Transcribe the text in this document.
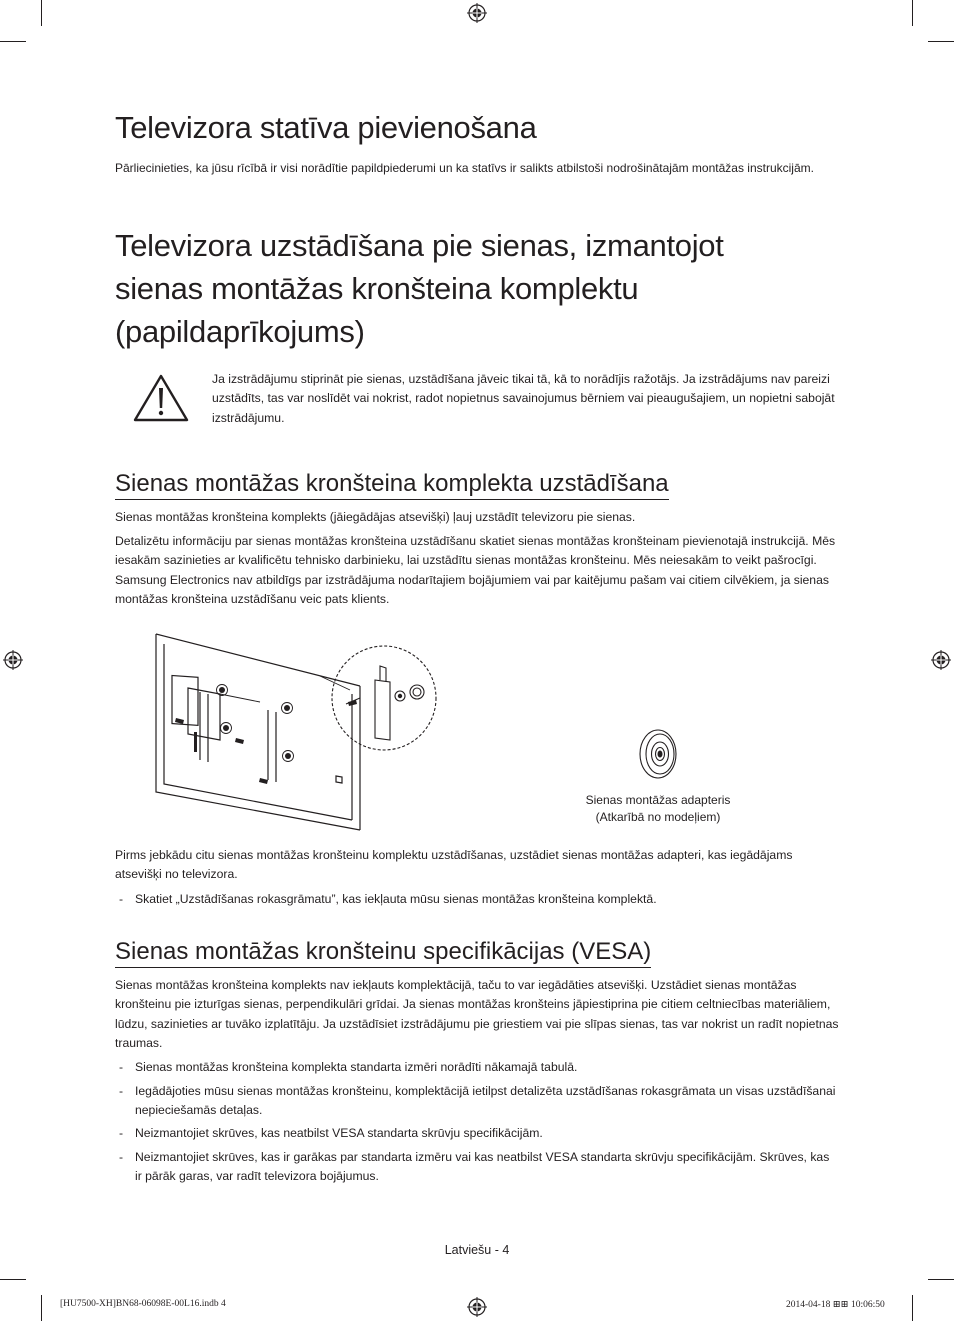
Televizora statīva pievienošana

Pārliecinieties, ka jūsu rīcībā ir visi norādītie papildpiederumi un ka statīvs ir salikts atbilstoši nodrošinātajām montāžas instrukcijām.

Televizora uzstādīšana pie sienas, izmantojot
sienas montāžas kronšteina komplektu
(papildaprīkojums)

Ja izstrādājumu stiprināt pie sienas, uzstādīšana jāveic tikai tā, kā to norādījis ražotājs. Ja izstrādājums nav pareizi uzstādīts, tas var noslīdēt vai nokrist, radot nopietnus savainojumus bērniem vai pieaugušajiem, un nopietni sabojāt izstrādājumu.

Sienas montāžas kronšteina komplekta uzstādīšana

Sienas montāžas kronšteina komplekts (jāiegādājas atsevišķi) ļauj uzstādīt televizoru pie sienas.

Detalizētu informāciju par sienas montāžas kronšteina uzstādīšanu skatiet sienas montāžas kronšteinam pievienotajā instrukcijā. Mēs iesakām sazinieties ar kvalificētu tehnisko darbinieku, lai uzstādītu sienas montāžas kronšteinu. Mēs neiesakām to veikt pašrocīgi. Samsung Electronics nav atbildīgs par izstrādājuma nodarītajiem bojājumiem vai par kaitējumu pašam vai citiem cilvēkiem, ja sienas montāžas kronšteina uzstādīšanu veic pats klients.

Sienas montāžas adapteris
(Atkarībā no modeļiem)

Pirms jebkādu citu sienas montāžas kronšteinu komplektu uzstādīšanas, uzstādiet sienas montāžas adapteri, kas iegādājams atsevišķi no televizora.

- Skatiet „Uzstādīšanas rokasgrāmatu”, kas iekļauta mūsu sienas montāžas kronšteina komplektā.
Sienas montāžas kronšteinu specifikācijas (VESA)

Sienas montāžas kronšteina komplekts nav iekļauts komplektācijā, taču to var iegādāties atsevišķi. Uzstādiet sienas montāžas kronšteinu pie izturīgas sienas, perpendikulāri grīdai. Ja sienas montāžas kronšteins jāpiestiprina pie citiem celtniecības materiāliem, lūdzu, sazinieties ar tuvāko izplatītāju. Ja uzstādīsiet izstrādājumu pie griestiem vai pie slīpas sienas, tas var nokrist un radīt nopietnas traumas.

- Sienas montāžas kronšteina komplekta standarta izmēri norādīti nākamajā tabulā.
- Iegādājoties mūsu sienas montāžas kronšteinu, komplektācijā ietilpst detalizēta uzstādīšanas rokasgrāmata un visas uzstādīšanai nepieciešamās detaļas.
- Neizmantojiet skrūves, kas neatbilst VESA standarta skrūvju specifikācijām.
- Neizmantojiet skrūves, kas ir garākas par standarta izmēru vai kas neatbilst VESA standarta skrūvju specifikācijām. Skrūves, kas ir pārāk garas, var radīt televizora bojājumus.
Latviešu - 4
[HU7500-XH]BN68-06098E-00L16.indb 4	2014-04-18 ⊞⊞ 10:06:50
